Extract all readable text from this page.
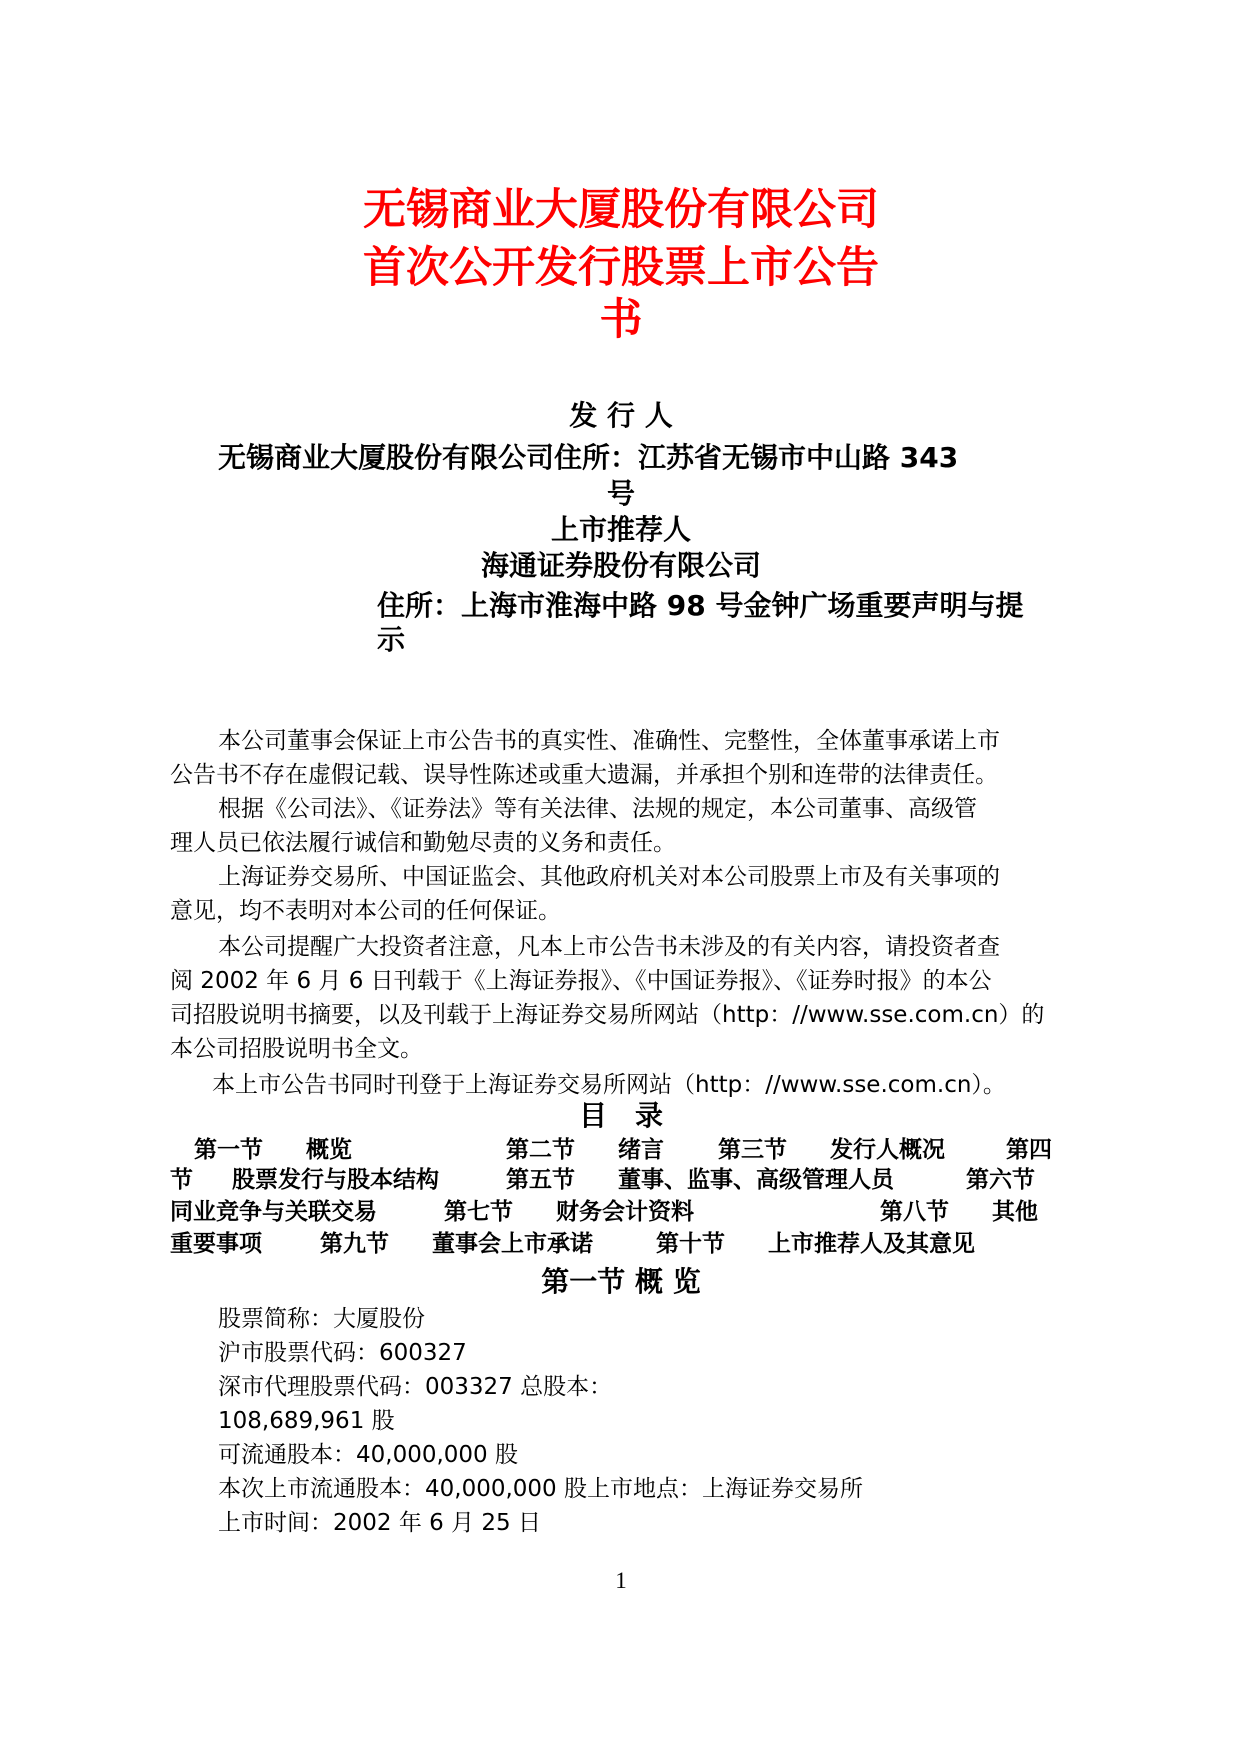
无锡商业大厦股份有限公司
首次公开发行股票上市公告
书
发 行 人
无锡商业大厦股份有限公司住所：江苏省无锡市中山路 343
号
上市推荐人
海通证券股份有限公司
住所：上海市淮海中路 98 号金钟广场重要声明与提
示
本公司董事会保证上市公告书的真实性、准确性、完整性，全体董事承诺上市
公告书不存在虚假记载、误导性陈述或重大遗漏，并承担个别和连带的法律责任。
根据《公司法》、《证券法》等有关法律、法规的规定，本公司董事、高级管
理人员已依法履行诚信和勤勉尽责的义务和责任。
上海证券交易所、中国证监会、其他政府机关对本公司股票上市及有关事项的
意见，均不表明对本公司的任何保证。
本公司提醒广大投资者注意，凡本上市公告书未涉及的有关内容，请投资者查
阅 2002 年 6 月 6 日刊载于《上海证券报》、《中国证券报》、《证券时报》的本公
司招股说明书摘要，以及刊载于上海证券交易所网站（http：//www.sse.com.cn）的
本公司招股说明书全文。
本上市公告书同时刊登于上海证券交易所网站（http：//www.sse.com.cn）。
目　录
第一节 概览	第二节 绪言 第三节 发行人概况	第四
节 股票发行与股本结构	第五节 董事、监事、高级管理人员	第六节
同业竞争与关联交易	第七节 财务会计资料	第八节 其他
重要事项	第九节 董事会上市承诺	第十节 上市推荐人及其意见
第一节 概 览
股票简称：大厦股份
沪市股票代码：600327
深市代理股票代码：003327 总股本：
108,689,961 股
可流通股本：40,000,000 股
本次上市流通股本：40,000,000 股上市地点：上海证券交易所
上市时间：2002 年 6 月 25 日
1
